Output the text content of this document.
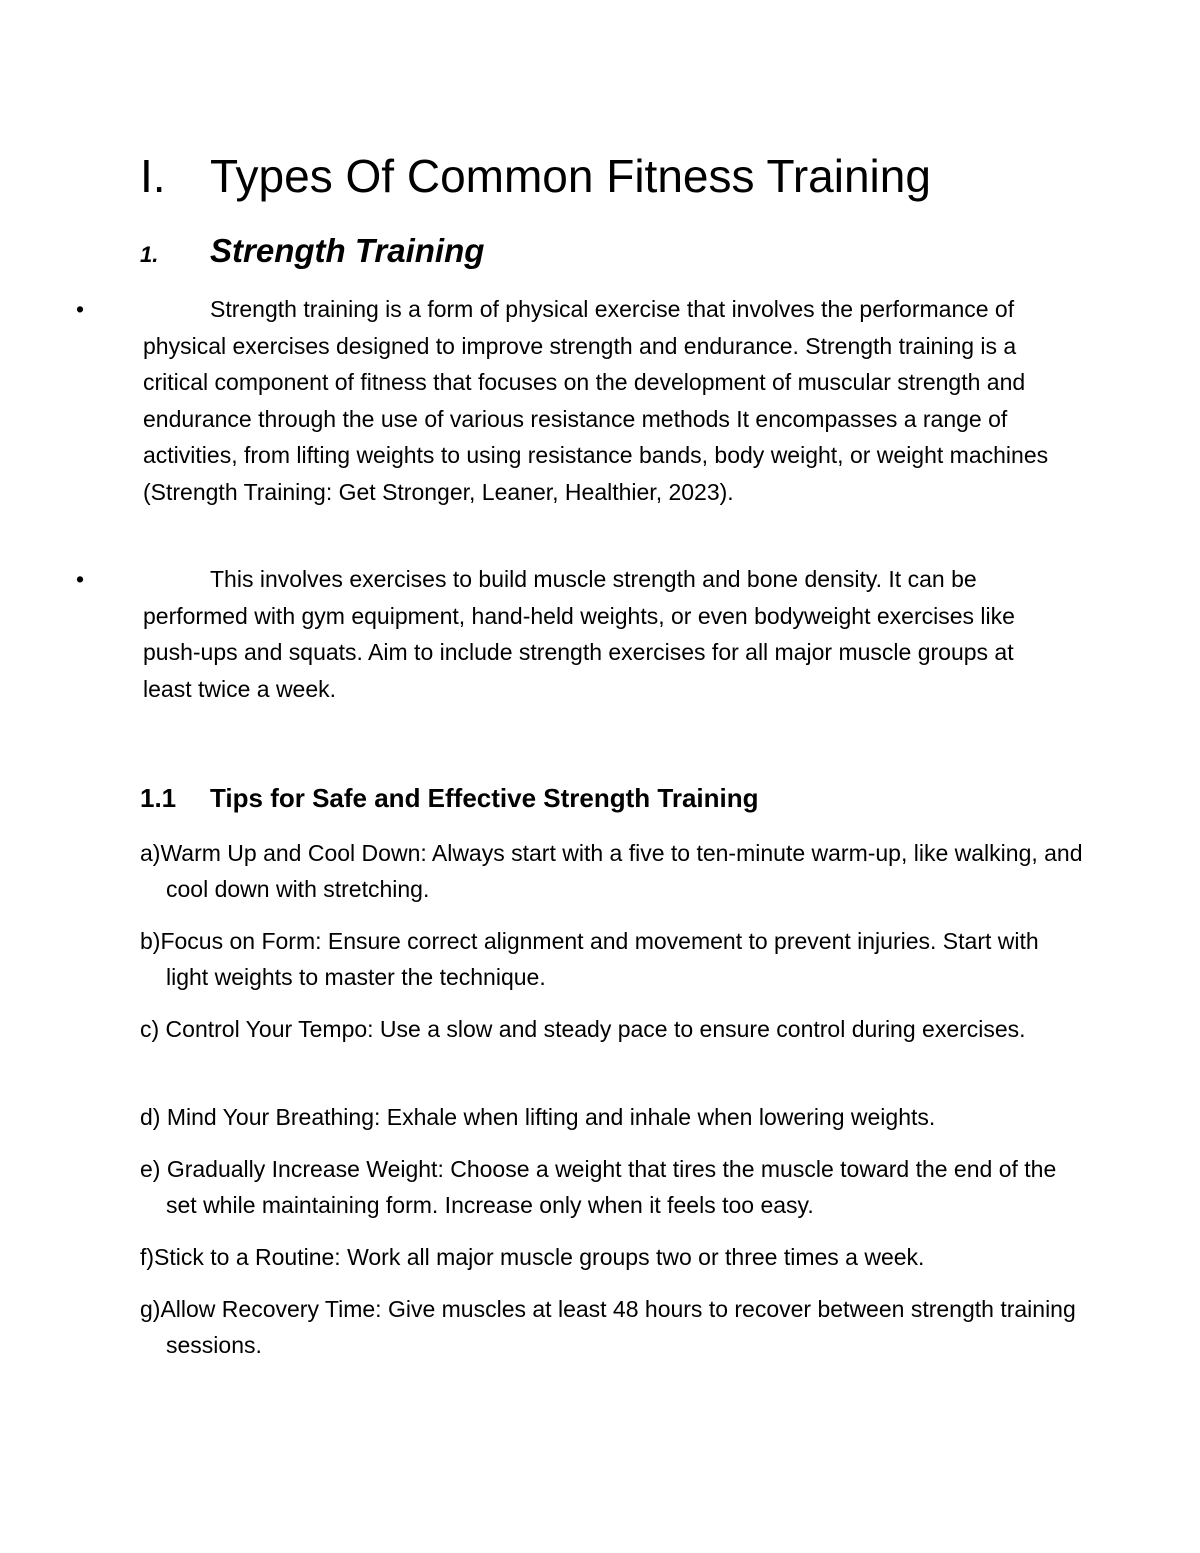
I. Types Of Common Fitness Training
1. Strength Training
•	Strength training is a form of physical exercise that involves the performance of physical exercises designed to improve strength and endurance. Strength training is a critical component of fitness that focuses on the development of muscular strength and endurance through the use of various resistance methods It encompasses a range of activities, from lifting weights to using resistance bands, body weight, or weight machines (Strength Training: Get Stronger, Leaner, Healthier, 2023).
•	This involves exercises to build muscle strength and bone density. It can be performed with gym equipment, hand-held weights, or even bodyweight exercises like push-ups and squats. Aim to include strength exercises for all major muscle groups at least twice a week.
1.1 Tips for Safe and Effective Strength Training
a)Warm Up and Cool Down: Always start with a five to ten-minute warm-up, like walking, and cool down with stretching.
b)Focus on Form: Ensure correct alignment and movement to prevent injuries. Start with light weights to master the technique.
c) Control Your Tempo: Use a slow and steady pace to ensure control during exercises.
d) Mind Your Breathing: Exhale when lifting and inhale when lowering weights.
e) Gradually Increase Weight: Choose a weight that tires the muscle toward the end of the set while maintaining form. Increase only when it feels too easy.
f)Stick to a Routine: Work all major muscle groups two or three times a week.
g)Allow Recovery Time: Give muscles at least 48 hours to recover between strength training sessions.
